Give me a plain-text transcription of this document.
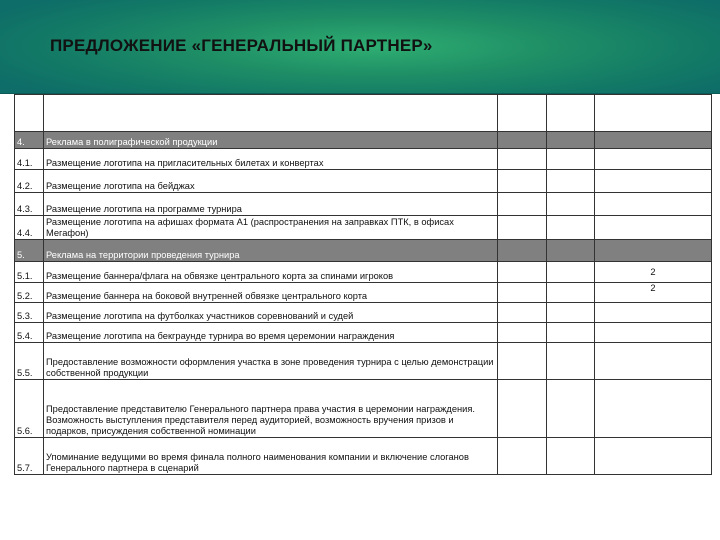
ПРЕДЛОЖЕНИЕ «ГЕНЕРАЛЬНЫЙ ПАРТНЕР»

4.	Реклама в полиграфической продукции			
4.1.	Размещение логотипа на пригласительных билетах и конвертах			
4.2.	Размещение логотипа на бейджах			
4.3.	Размещение логотипа на программе турнира			
4.4.	Размещение логотипа на афишах формата А1 (распространения на заправках ПТК, в офисах Мегафон)			
5.	Реклама на территории проведения турнира			
5.1.	Размещение баннера/флага на обвязке центрального корта за спинами игроков			2
5.2.	Размещение баннера на боковой внутренней обвязке центрального корта			2
5.3.	Размещение логотипа на футболках участников соревнований и судей			
5.4.	Размещение логотипа на бекграунде турнира во время церемонии награждения			
5.5.	Предоставление возможности оформления участка в зоне проведения турнира с целью демонстрации собственной продукции			
5.6.	Предоставление представителю Генерального партнера права участия в церемонии награждения. Возможность выступления представителя перед аудиторией, возможность вручения призов и подарков, присуждения собственной номинации			
5.7.	Упоминание ведущими во время финала полного наименования компании и включение слоганов Генерального партнера в сценарий			
